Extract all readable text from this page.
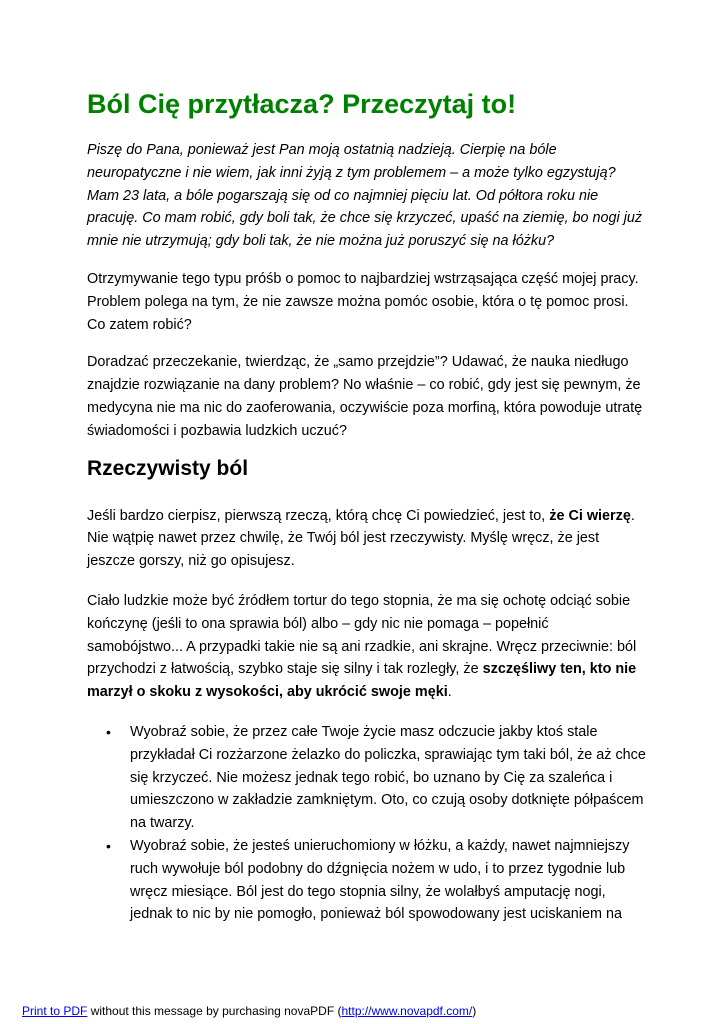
Ból Cię przytłacza? Przeczytaj to!

Piszę do Pana, ponieważ jest Pan moją ostatnią nadzieją. Cierpię na bóle neuropatyczne i nie wiem, jak inni żyją z tym problemem – a może tylko egzystują? Mam 23 lata, a bóle pogarszają się od co najmniej pięciu lat. Od półtora roku nie pracuję. Co mam robić, gdy boli tak, że chce się krzyczeć, upaść na ziemię, bo nogi już mnie nie utrzymują; gdy boli tak, że nie można już poruszyć się na łóżku?

Otrzymywanie tego typu próśb o pomoc to najbardziej wstrząsająca część mojej pracy. Problem polega na tym, że nie zawsze można pomóc osobie, która o tę pomoc prosi. Co zatem robić?

Doradzać przeczekanie, twierdząc, że „samo przejdzie”? Udawać, że nauka niedługo znajdzie rozwiązanie na dany problem? No właśnie – co robić, gdy jest się pewnym, że medycyna nie ma nic do zaoferowania, oczywiście poza morfiną, która powoduje utratę świadomości i pozbawia ludzkich uczuć?

Rzeczywisty ból

Jeśli bardzo cierpisz, pierwszą rzeczą, którą chcę Ci powiedzieć, jest to, że Ci wierzę. Nie wątpię nawet przez chwilę, że Twój ból jest rzeczywisty. Myślę wręcz, że jest jeszcze gorszy, niż go opisujesz.

Ciało ludzkie może być źródłem tortur do tego stopnia, że ma się ochotę odciąć sobie kończynę (jeśli to ona sprawia ból) albo – gdy nic nie pomaga – popełnić samobójstwo... A przypadki takie nie są ani rzadkie, ani skrajne. Wręcz przeciwnie: ból przychodzi z łatwością, szybko staje się silny i tak rozległy, że szczęśliwy ten, kto nie marzył o skoku z wysokości, aby ukrócić swoje męki.

• Wyobraź sobie, że przez całe Twoje życie masz odczucie jakby ktoś stale przykładał Ci rozżarzone żelazko do policzka, sprawiając tym taki ból, że aż chce się krzyczeć. Nie możesz jednak tego robić, bo uznano by Cię za szaleńca i umieszczono w zakładzie zamkniętym. Oto, co czują osoby dotknięte półpaścem na twarzy.
• Wyobraź sobie, że jesteś unieruchomiony w łóżku, a każdy, nawet najmniejszy ruch wywołuje ból podobny do dźgnięcia nożem w udo, i to przez tygodnie lub wręcz miesiące. Ból jest do tego stopnia silny, że wolałbyś amputację nogi, jednak to nic by nie pomogło, ponieważ ból spowodowany jest uciskaniem na
Print to PDF without this message by purchasing novaPDF (http://www.novapdf.com/)
